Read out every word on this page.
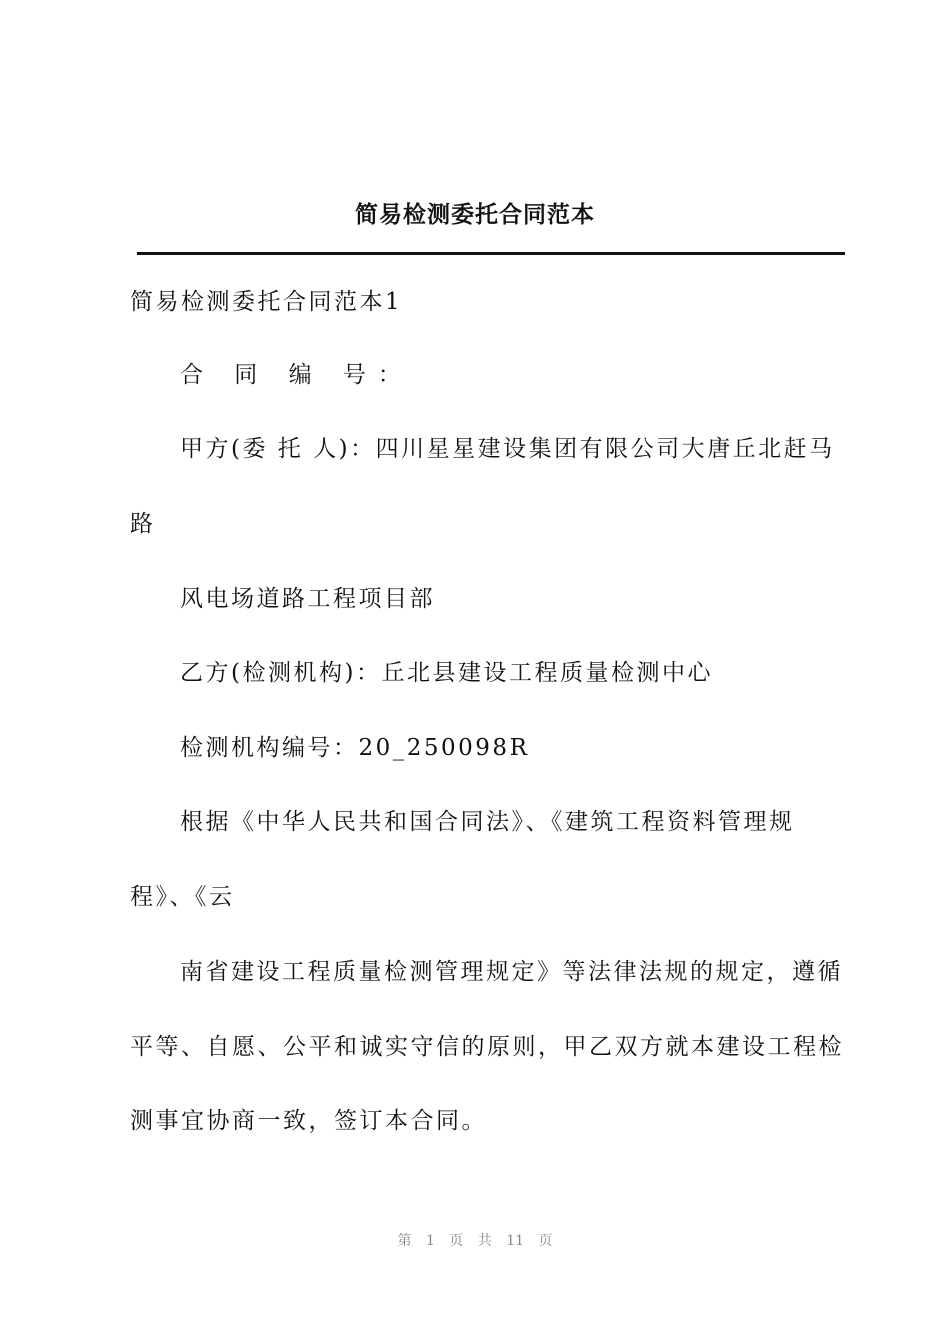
简易检测委托合同范本
简易检测委托合同范本1
合 同 编 号：
甲方(委 托 人)：四川星星建设集团有限公司大唐丘北赶马
路
风电场道路工程项目部
乙方(检测机构)：丘北县建设工程质量检测中心
检测机构编号：20_250098R
根据《中华人民共和国合同法》、《建筑工程资料管理规
程》、《云
南省建设工程质量检测管理规定》等法律法规的规定，遵循
平等、自愿、公平和诚实守信的原则，甲乙双方就本建设工程检
测事宜协商一致，签订本合同。
第 1 页 共 11 页
